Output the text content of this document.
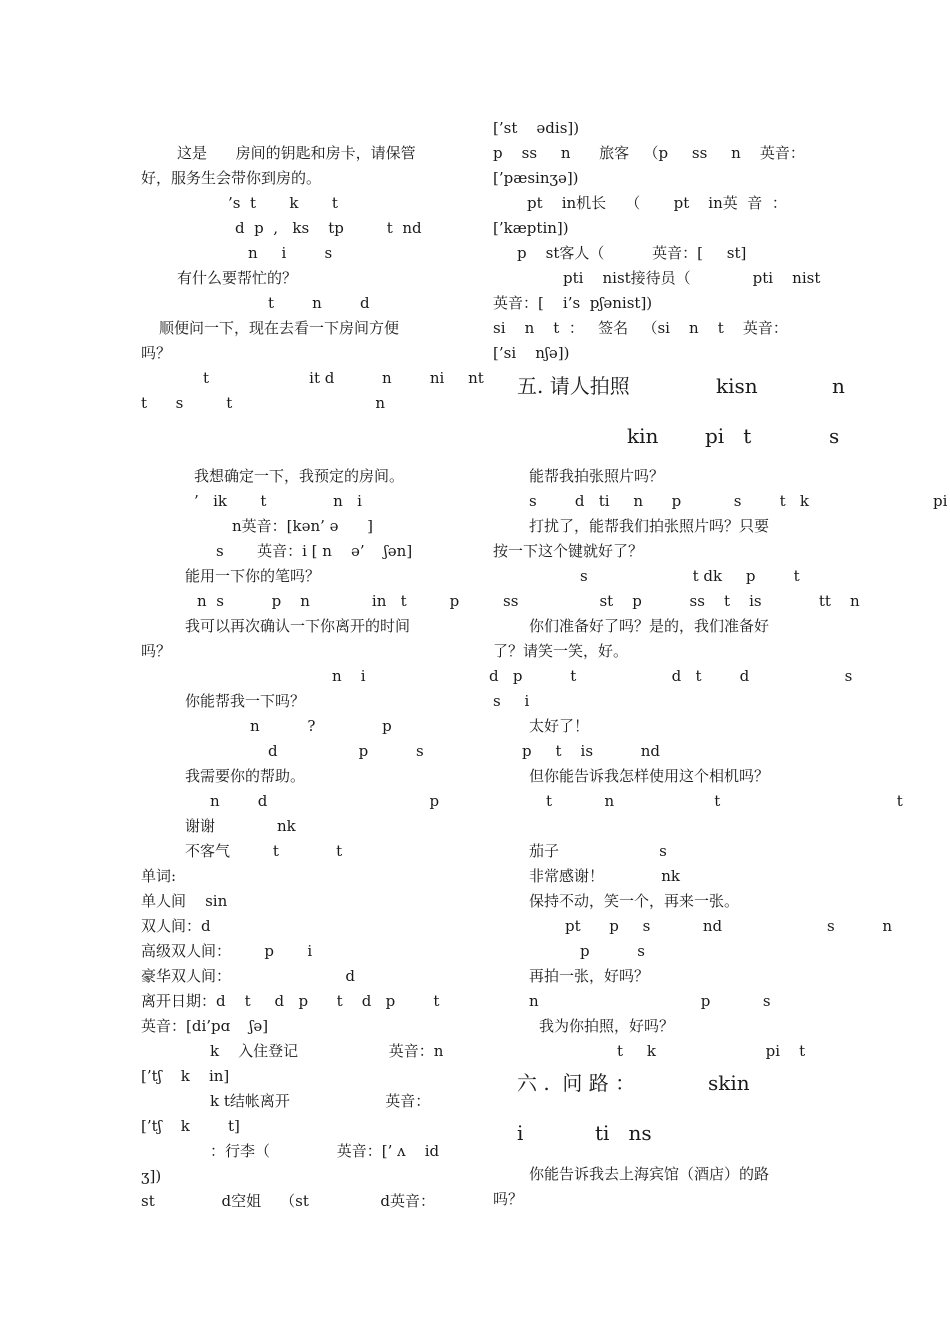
这是      房间的钥匙和房卡，请保管
好，服务生会带你到房的。
’s  t       k       t
d  p  ,   ks    tp         t  nd
n     i        s
有什么要帮忙的？
t        n        d
顺便问一下，现在去看一下房间方便
吗？
t                     it d          n        ni     nt
t      s         t                              n
我想确定一下，我预定的房间。
’   ik       t              n   i
n英音：[kən’ ə      ]
s       英音：i [ n    ə’    ʃən]
能用一下你的笔吗？
n  s          p    n             in   t         p
我可以再次确认一下你离开的时间
吗？
n    i
你能帮我一下吗？
n          ?              p
d                 p          s
我需要你的帮助。
n        d                                  p
谢谢             nk
不客气         t            t
单词:
单人间    sin
双人间：d
高级双人间：       p       i
豪华双人间：                        d
离开日期：d    t     d   p      t    d   p        t
英音：[di’pɑ    ʃə]
k    入住登记                   英音：n
[’tʃ    k    in]
k t结帐离开                    英音：
[’tʃ    k        t]
：行李（              英音：[’ ʌ    id
ʒ])
st              d空姐    （st               d英音：
[’st    ədis])
p    ss     n      旅客   （p     ss     n    英音：
[’pæsinʒə])
pt    in机长    （       pt    in英  音  ：
[’kæptin])
p    st客人（          英音：[     st]
pti    nist接待员（             pti    nist
英音：[    i’s  pʃənist])
si    n    t  ：   签名   （si    n    t    英音：
[’si    nʃə])
五. 请人拍照	kisn	n
kin pi   t	s
能帮我拍张照片吗？
s        d   ti     n      p           s        t   k                          pi
打扰了，能帮我们拍张照片吗？只要
按一下这个键就好了？
s                      t dk     p        t
ss                 st    p          ss    t    is            tt    n
你们准备好了吗？是的，我们准备好
了？请笑一笑，好。
d   p          t                    d   t        d                    s
s     i
太好了！
p     t    is          nd
但你能告诉我怎样使用这个相机吗？
t           n                     t                                     t
茄子                     s
非常感谢！            nk
保持不动，笑一个，再来一张。
pt      p     s           nd                      s          n
p          s
再拍一张，好吗？
n                                  p           s
我为你拍照，好吗？
t     k                       pi    t
六 .  问 路 ：	skin
i	ti   ns
你能告诉我去上海宾馆（酒店）的路
吗？
